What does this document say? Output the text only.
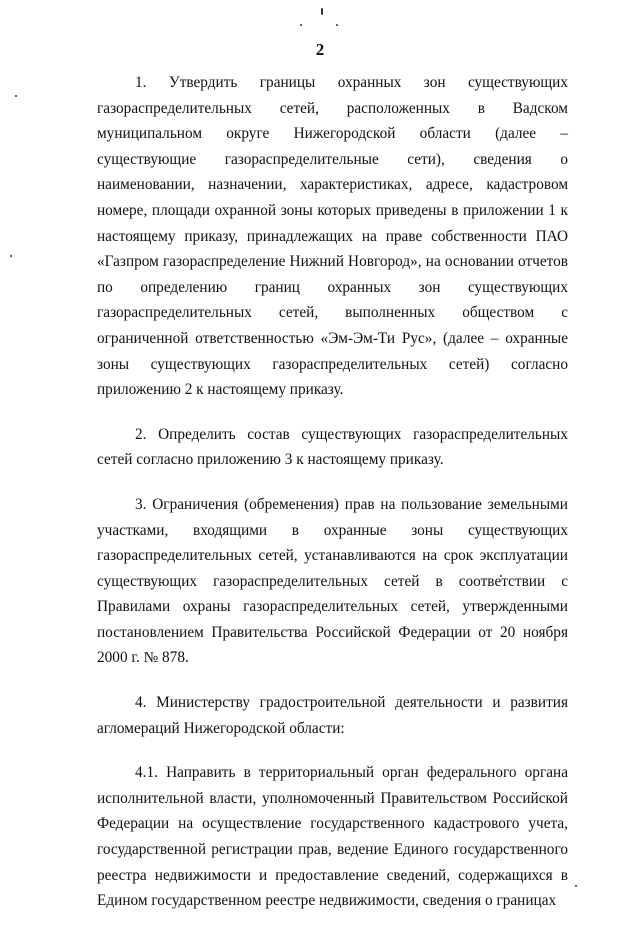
2

1. Утвердить границы охранных зон существующих газораспределительных сетей, расположенных в Вадском муниципальном округе Нижегородской области (далее – существующие газораспределительные сети), сведения о наименовании, назначении, характеристиках, адресе, кадастровом номере, площади охранной зоны которых приведены в приложении 1 к настоящему приказу, принадлежащих на праве собственности ПАО «Газпром газораспределение Нижний Новгород», на основании отчетов по определению границ охранных зон существующих газораспределительных сетей, выполненных обществом с ограниченной ответственностью «Эм-Эм-Ти Рус», (далее – охранные зоны существующих газораспределительных сетей) согласно приложению 2 к настоящему приказу.

2. Определить состав существующих газораспределительных сетей согласно приложению 3 к настоящему приказу.

3. Ограничения (обременения) прав на пользование земельными участками, входящими в охранные зоны существующих газораспределительных сетей, устанавливаются на срок эксплуатации существующих газораспределительных сетей в соответствии с Правилами охраны газораспределительных сетей, утвержденными постановлением Правительства Российской Федерации от 20 ноября 2000 г. № 878.

4. Министерству градостроительной деятельности и развития агломераций Нижегородской области:

4.1. Направить в территориальный орган федерального органа исполнительной власти, уполномоченный Правительством Российской Федерации на осуществление государственного кадастрового учета, государственной регистрации прав, ведение Единого государственного реестра недвижимости и предоставление сведений, содержащихся в Едином государственном реестре недвижимости, сведения о границах
